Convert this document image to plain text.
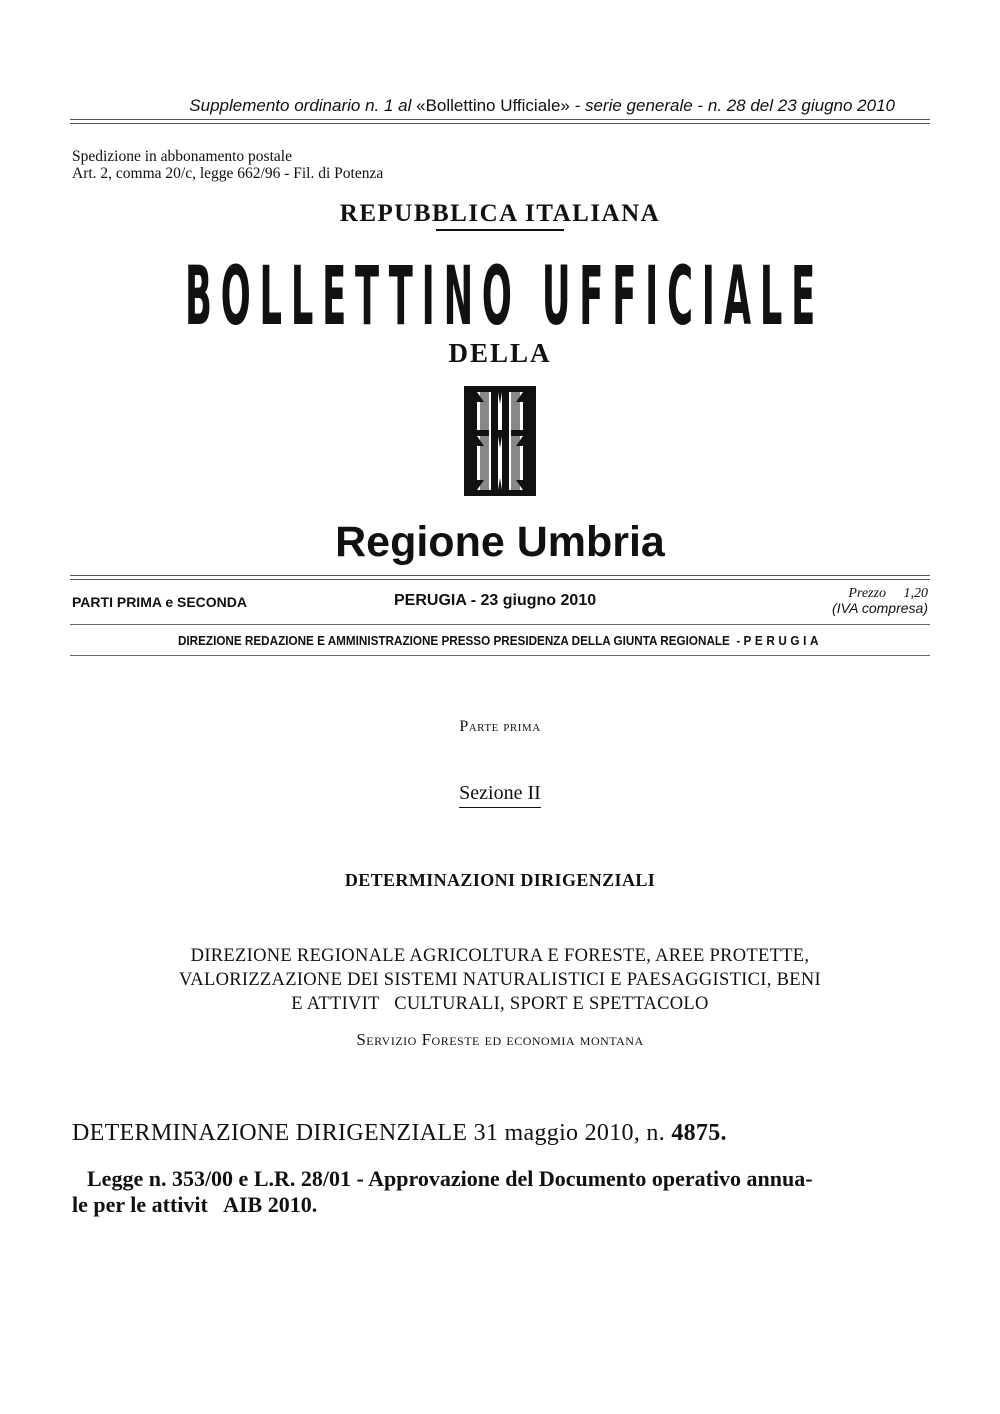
Supplemento ordinario n. 1 al «Bollettino Ufficiale» - serie generale - n. 28 del 23 giugno 2010
Spedizione in abbonamento postale
Art. 2, comma 20/c, legge 662/96 - Fil. di Potenza
REPUBBLICA ITALIANA
BOLLETTINO UFFICIALE
DELLA
Regione Umbria
PARTI PRIMA e SECONDA	PERUGIA - 23 giugno 2010	Prezzo     1,20
(IVA compresa)
DIREZIONE REDAZIONE E AMMINISTRAZIONE PRESSO PRESIDENZA DELLA GIUNTA REGIONALE  - PERUGIA
Parte prima
Sezione II
DETERMINAZIONI DIRIGENZIALI
DIREZIONE REGIONALE AGRICOLTURA E FORESTE, AREE PROTETTE,
VALORIZZAZIONE DEI SISTEMI NATURALISTICI E PAESAGGISTICI, BENI
E ATTIVIT   CULTURALI, SPORT E SPETTACOLO
Servizio Foreste ed economia montana
DETERMINAZIONE DIRIGENZIALE 31 maggio 2010, n. 4875.
Legge n. 353/00 e L.R. 28/01 - Approvazione del Documento operativo annua-
le per le attivit   AIB 2010.
